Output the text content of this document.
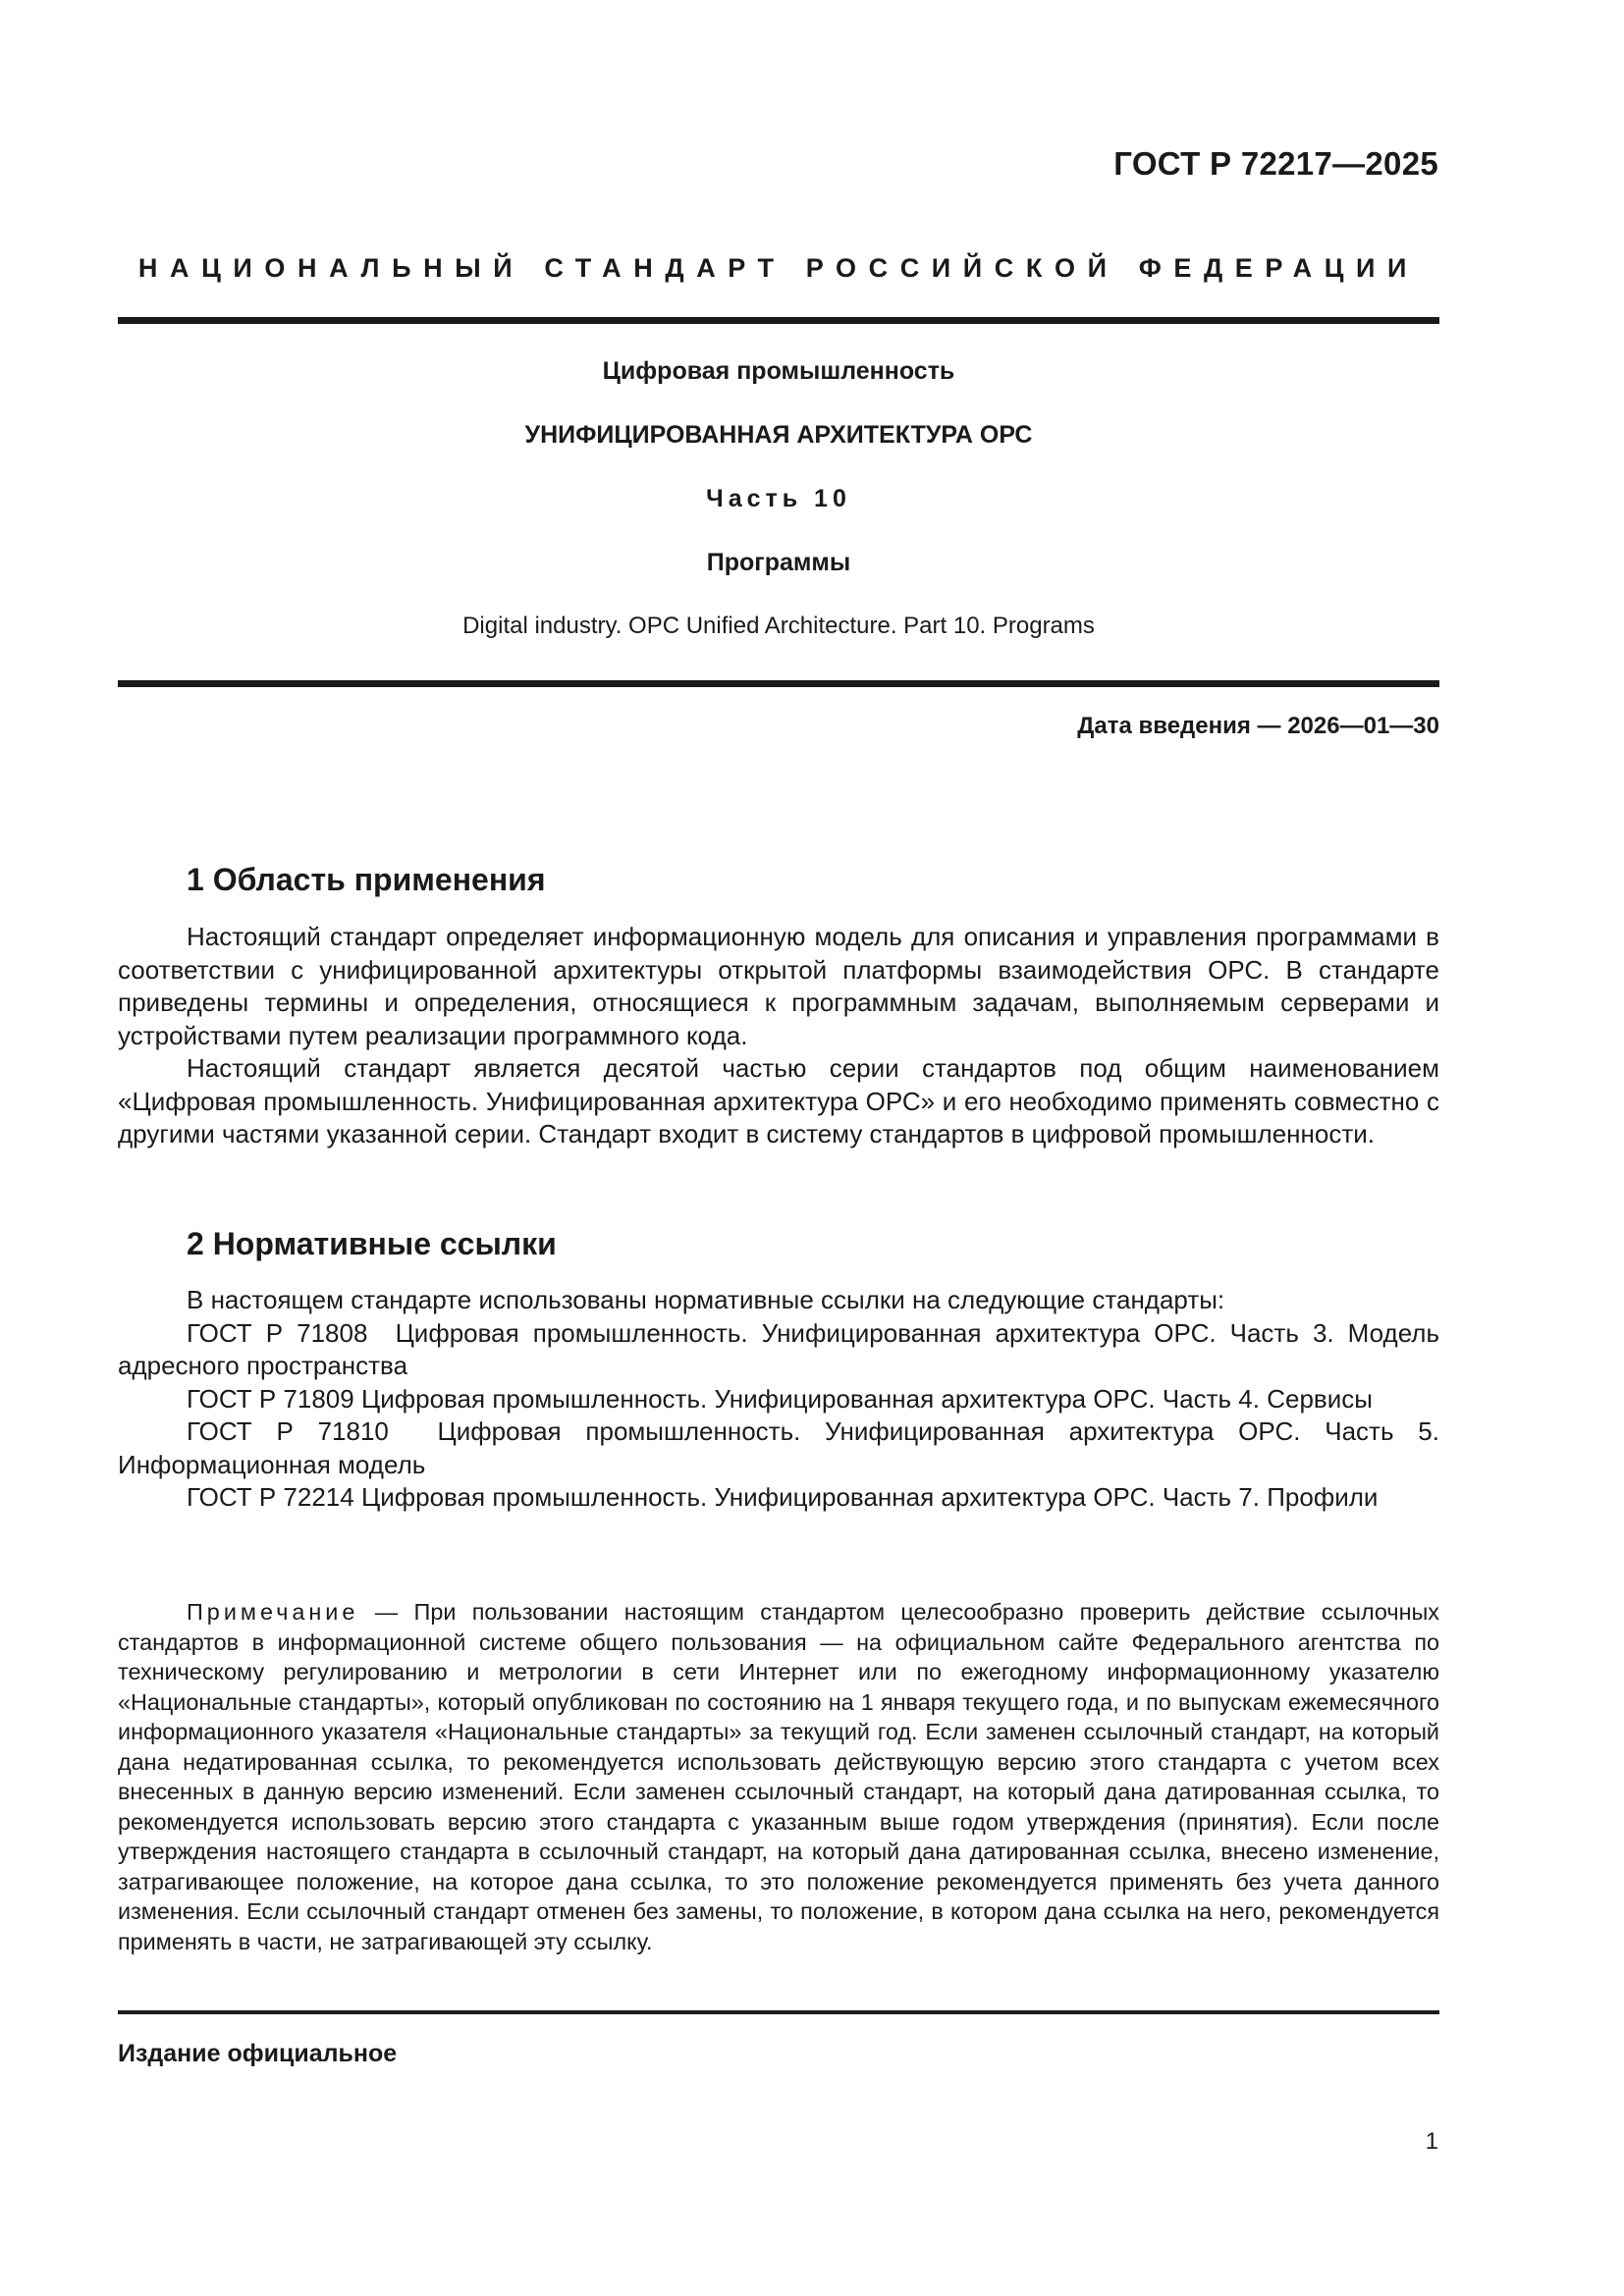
ГОСТ Р 72217—2025
НАЦИОНАЛЬНЫЙ СТАНДАРТ РОССИЙСКОЙ ФЕДЕРАЦИИ
Цифровая промышленность
УНИФИЦИРОВАННАЯ АРХИТЕКТУРА ОРС
Часть 10
Программы
Digital industry. OPC Unified Architecture. Part 10. Programs
Дата введения — 2026—01—30
1 Область применения

Настоящий стандарт определяет информационную модель для описания и управления программами в соответствии с унифицированной архитектуры открытой платформы взаимодействия ОРС. В стандарте приведены термины и определения, относящиеся к программным задачам, выполняемым серверами и устройствами путем реализации программного кода.

Настоящий стандарт является десятой частью серии стандартов под общим наименованием «Цифровая промышленность. Унифицированная архитектура ОРС» и его необходимо применять совместно с другими частями указанной серии. Стандарт входит в систему стандартов в цифровой промышленности.

2 Нормативные ссылки

В настоящем стандарте использованы нормативные ссылки на следующие стандарты:

ГОСТ Р 71808 Цифровая промышленность. Унифицированная архитектура ОРС. Часть 3. Модель адресного пространства

ГОСТ Р 71809 Цифровая промышленность. Унифицированная архитектура ОРС. Часть 4. Сервисы

ГОСТ Р 71810 Цифровая промышленность. Унифицированная архитектура ОРС. Часть 5. Информационная модель

ГОСТ Р 72214 Цифровая промышленность. Унифицированная архитектура ОРС. Часть 7. Профили

Примечание — При пользовании настоящим стандартом целесообразно проверить действие ссылочных стандартов в информационной системе общего пользования — на официальном сайте Федерального агентства по техническому регулированию и метрологии в сети Интернет или по ежегодному информационному указателю «Национальные стандарты», который опубликован по состоянию на 1 января текущего года, и по выпускам ежемесячного информационного указателя «Национальные стандарты» за текущий год. Если заменен ссылочный стандарт, на который дана недатированная ссылка, то рекомендуется использовать действующую версию этого стандарта с учетом всех внесенных в данную версию изменений. Если заменен ссылочный стандарт, на который дана датированная ссылка, то рекомендуется использовать версию этого стандарта с указанным выше годом утверждения (принятия). Если после утверждения настоящего стандарта в ссылочный стандарт, на который дана датированная ссылка, внесено изменение, затрагивающее положение, на которое дана ссылка, то это положение рекомендуется применять без учета данного изменения. Если ссылочный стандарт отменен без замены, то положение, в котором дана ссылка на него, рекомендуется применять в части, не затрагивающей эту ссылку.
Издание официальное
1
